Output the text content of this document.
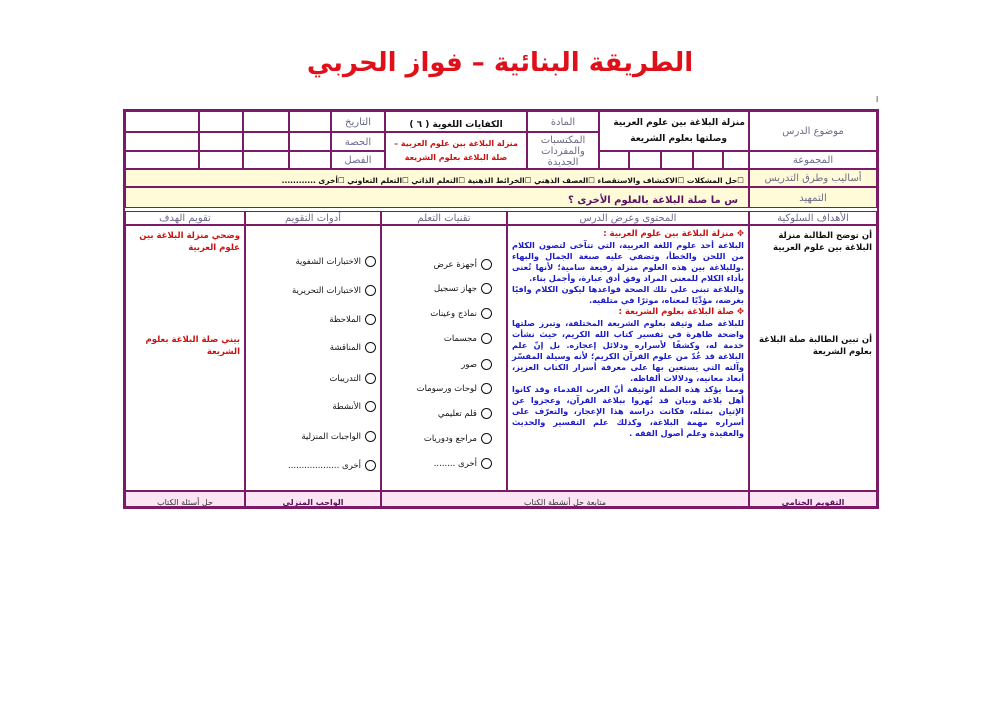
الطريقة البنائية – فواز الحربي
ا
موضوع الدرس
المجموعة
منزلة البلاغة بين علوم العربية
وصلتها بعلوم الشريعة
المادة
المكتسبات والمفردات الجديدة
الكفايات اللغوية ( ٦ )
منزلة البلاغة بين علوم العربية –
صلة البلاغة بعلوم الشريعة
التاريخ
الحصة
الفصل
أساليب وطرق التدريس
☐حل المشكلات ☐الاكتشاف والاستقصاء ☐العصف الذهني ☐الخرائط الذهنية ☐التعلم الذاتي ☐التعلم التعاوني ☐أخرى ............
التمهيد
س ما صلة البلاغة بالعلوم الأخرى ؟
الأهداف السلوكية
المحتوى وعرض الدرس
تقنيات التعلم
أدوات التقويم
تقويم الهدف
أن توضح الطالبة منزلة البلاغة بين علوم العربية
أن تبين الطالبة صلة البلاغة بعلوم الشريعة
✥ منزلة البلاغة بين علوم العربية :
البلاغة أحد علوم اللغة العربية، التي تتآخى لتصون الكلام من اللحن والخطأ، وتضفي عليه صبغة الجمال والبهاء .وللبلاغة بين هذه العلوم منزلة رفيعة سامية؛ لأنها تُعنى بأداء الكلام للمعنى المراد وفق أدق عبارة، وأجمل بناء.
والبلاغة تبنى على تلك الصحة قواعدها ليكون الكلام وافيًا بغرضه، مؤدِّيًا لمعناه، موثرًا في متلقيه.
✥ صلة البلاغة بعلوم الشريعة :
للبلاغة صلة وثيقة بعلوم الشريعة المختلفة، وتبرز صلتها واضحة ظاهرة في تفسير كتاب الله الكريم، حيث نشأت خدمة له، وكشفًا لأسراره ودلائل إعجازه. بل إنّ علم البلاغة قد عُدّ من علوم القرآن الكريم؛ لأنه وسيلة المفسّر وآلته التي يستعين بها على معرفة أسرار الكتاب العزيز، أبعاد معانيه، ودلالات ألفاظه.
ومما يؤكد هذه الصلة الوثيقة أنّ العرب القدماء وقد كانوا أهل بلاغة وبيان قد بُهروا ببلاغة القرآن، وعجزوا عن الإتيان بمثله، فكانت دراسة هذا الإعجاز، والتعرّف على أسراره مهمة البلاغة، وكذلك علم التفسير والحديث والعقيدة وعلم أصول الفقه .
أجهزة عرض
جهاز تسجيل
نماذج وعينات
مجسمات
صور
لوحات ورسومات
قلم تعليمي
مراجع ودوريات
أخرى ........
الاختبارات الشفوية
الاختبارات التحريرية
الملاحظة
المناقشة
التدريبات
الأنشطة
الواجبات المنزلية
أخرى ...................
وضحي منزلة البلاغة بين علوم العربية
بيني صلة البلاغة بعلوم الشريعة
التقويم الختامي
متابعة حل أنشطة الكتاب
الواجب المنزلي
حل أسئلة الكتاب
